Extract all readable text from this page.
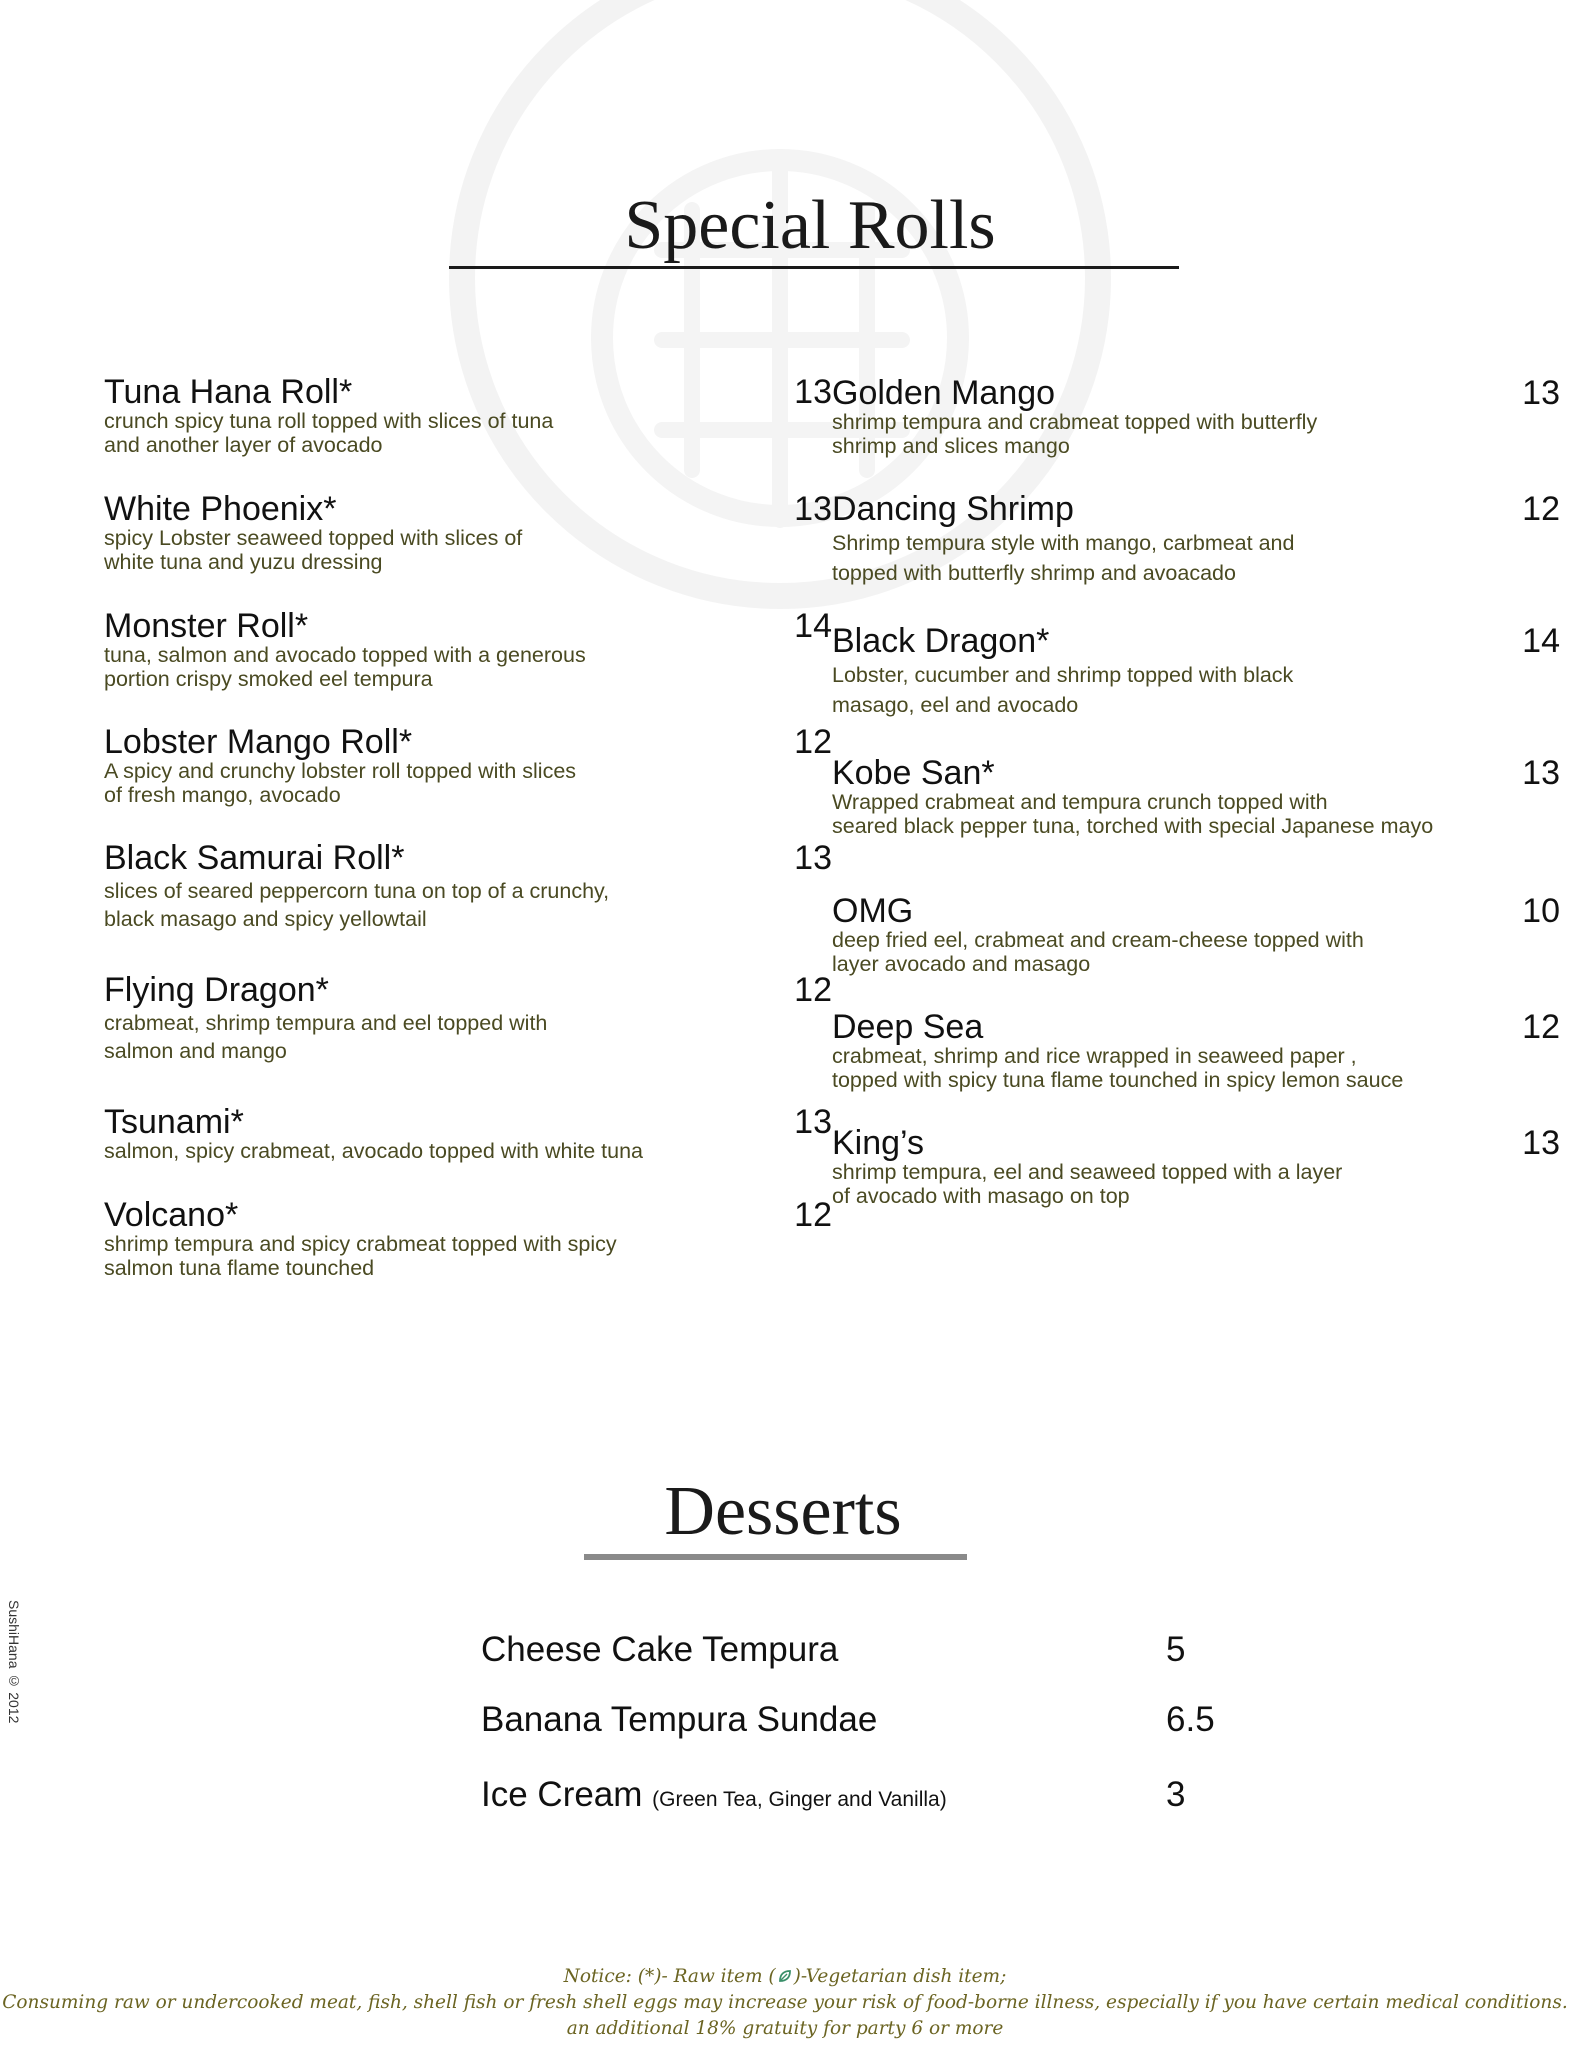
Special Rolls
Tuna Hana Roll*	13
crunch spicy tuna roll topped with slices of tuna
and another layer of avocado
White Phoenix*	13
spicy Lobster seaweed topped with slices of
white tuna and yuzu dressing
Monster Roll*	14
tuna, salmon and avocado topped with a generous
portion crispy smoked eel tempura
Lobster Mango Roll*	12
A spicy and crunchy lobster roll topped with slices
of fresh mango, avocado
Black Samurai Roll*	13
slices of seared peppercorn tuna on top of a crunchy,
black masago and spicy yellowtail
Flying Dragon*	12
crabmeat, shrimp tempura and eel topped with
salmon and mango
Tsunami*	13
salmon, spicy crabmeat, avocado topped with white tuna
Volcano*	12
shrimp tempura and spicy crabmeat topped with spicy
salmon tuna flame tounched
Golden Mango	13
shrimp tempura and crabmeat topped with butterfly
shrimp and slices mango
Dancing Shrimp	12
Shrimp tempura style with mango, carbmeat and
topped with butterfly shrimp and avoacado
Black Dragon*	14
Lobster, cucumber and shrimp topped with black
masago, eel and avocado
Kobe San*	13
Wrapped crabmeat and tempura crunch topped with
seared black pepper tuna, torched with special Japanese mayo
OMG	10
deep fried eel, crabmeat and cream-cheese topped with
layer avocado and masago
Deep Sea	12
crabmeat, shrimp and rice wrapped in seaweed paper ,
topped with spicy tuna flame tounched in spicy lemon sauce
King’s	13
shrimp tempura, eel and seaweed topped with a layer
of avocado with masago on top
Desserts
Cheese Cake Tempura	5
Banana Tempura Sundae	6.5
Ice Cream (Green Tea, Ginger and Vanilla)	3
SushiHana © 2012
Notice: (*)- Raw item ( )-Vegetarian dish item;
Consuming raw or undercooked meat, fish, shell fish or fresh shell eggs may increase your risk of food-borne illness, especially if you have certain medical conditions.
an additional 18% gratuity for party 6 or more
